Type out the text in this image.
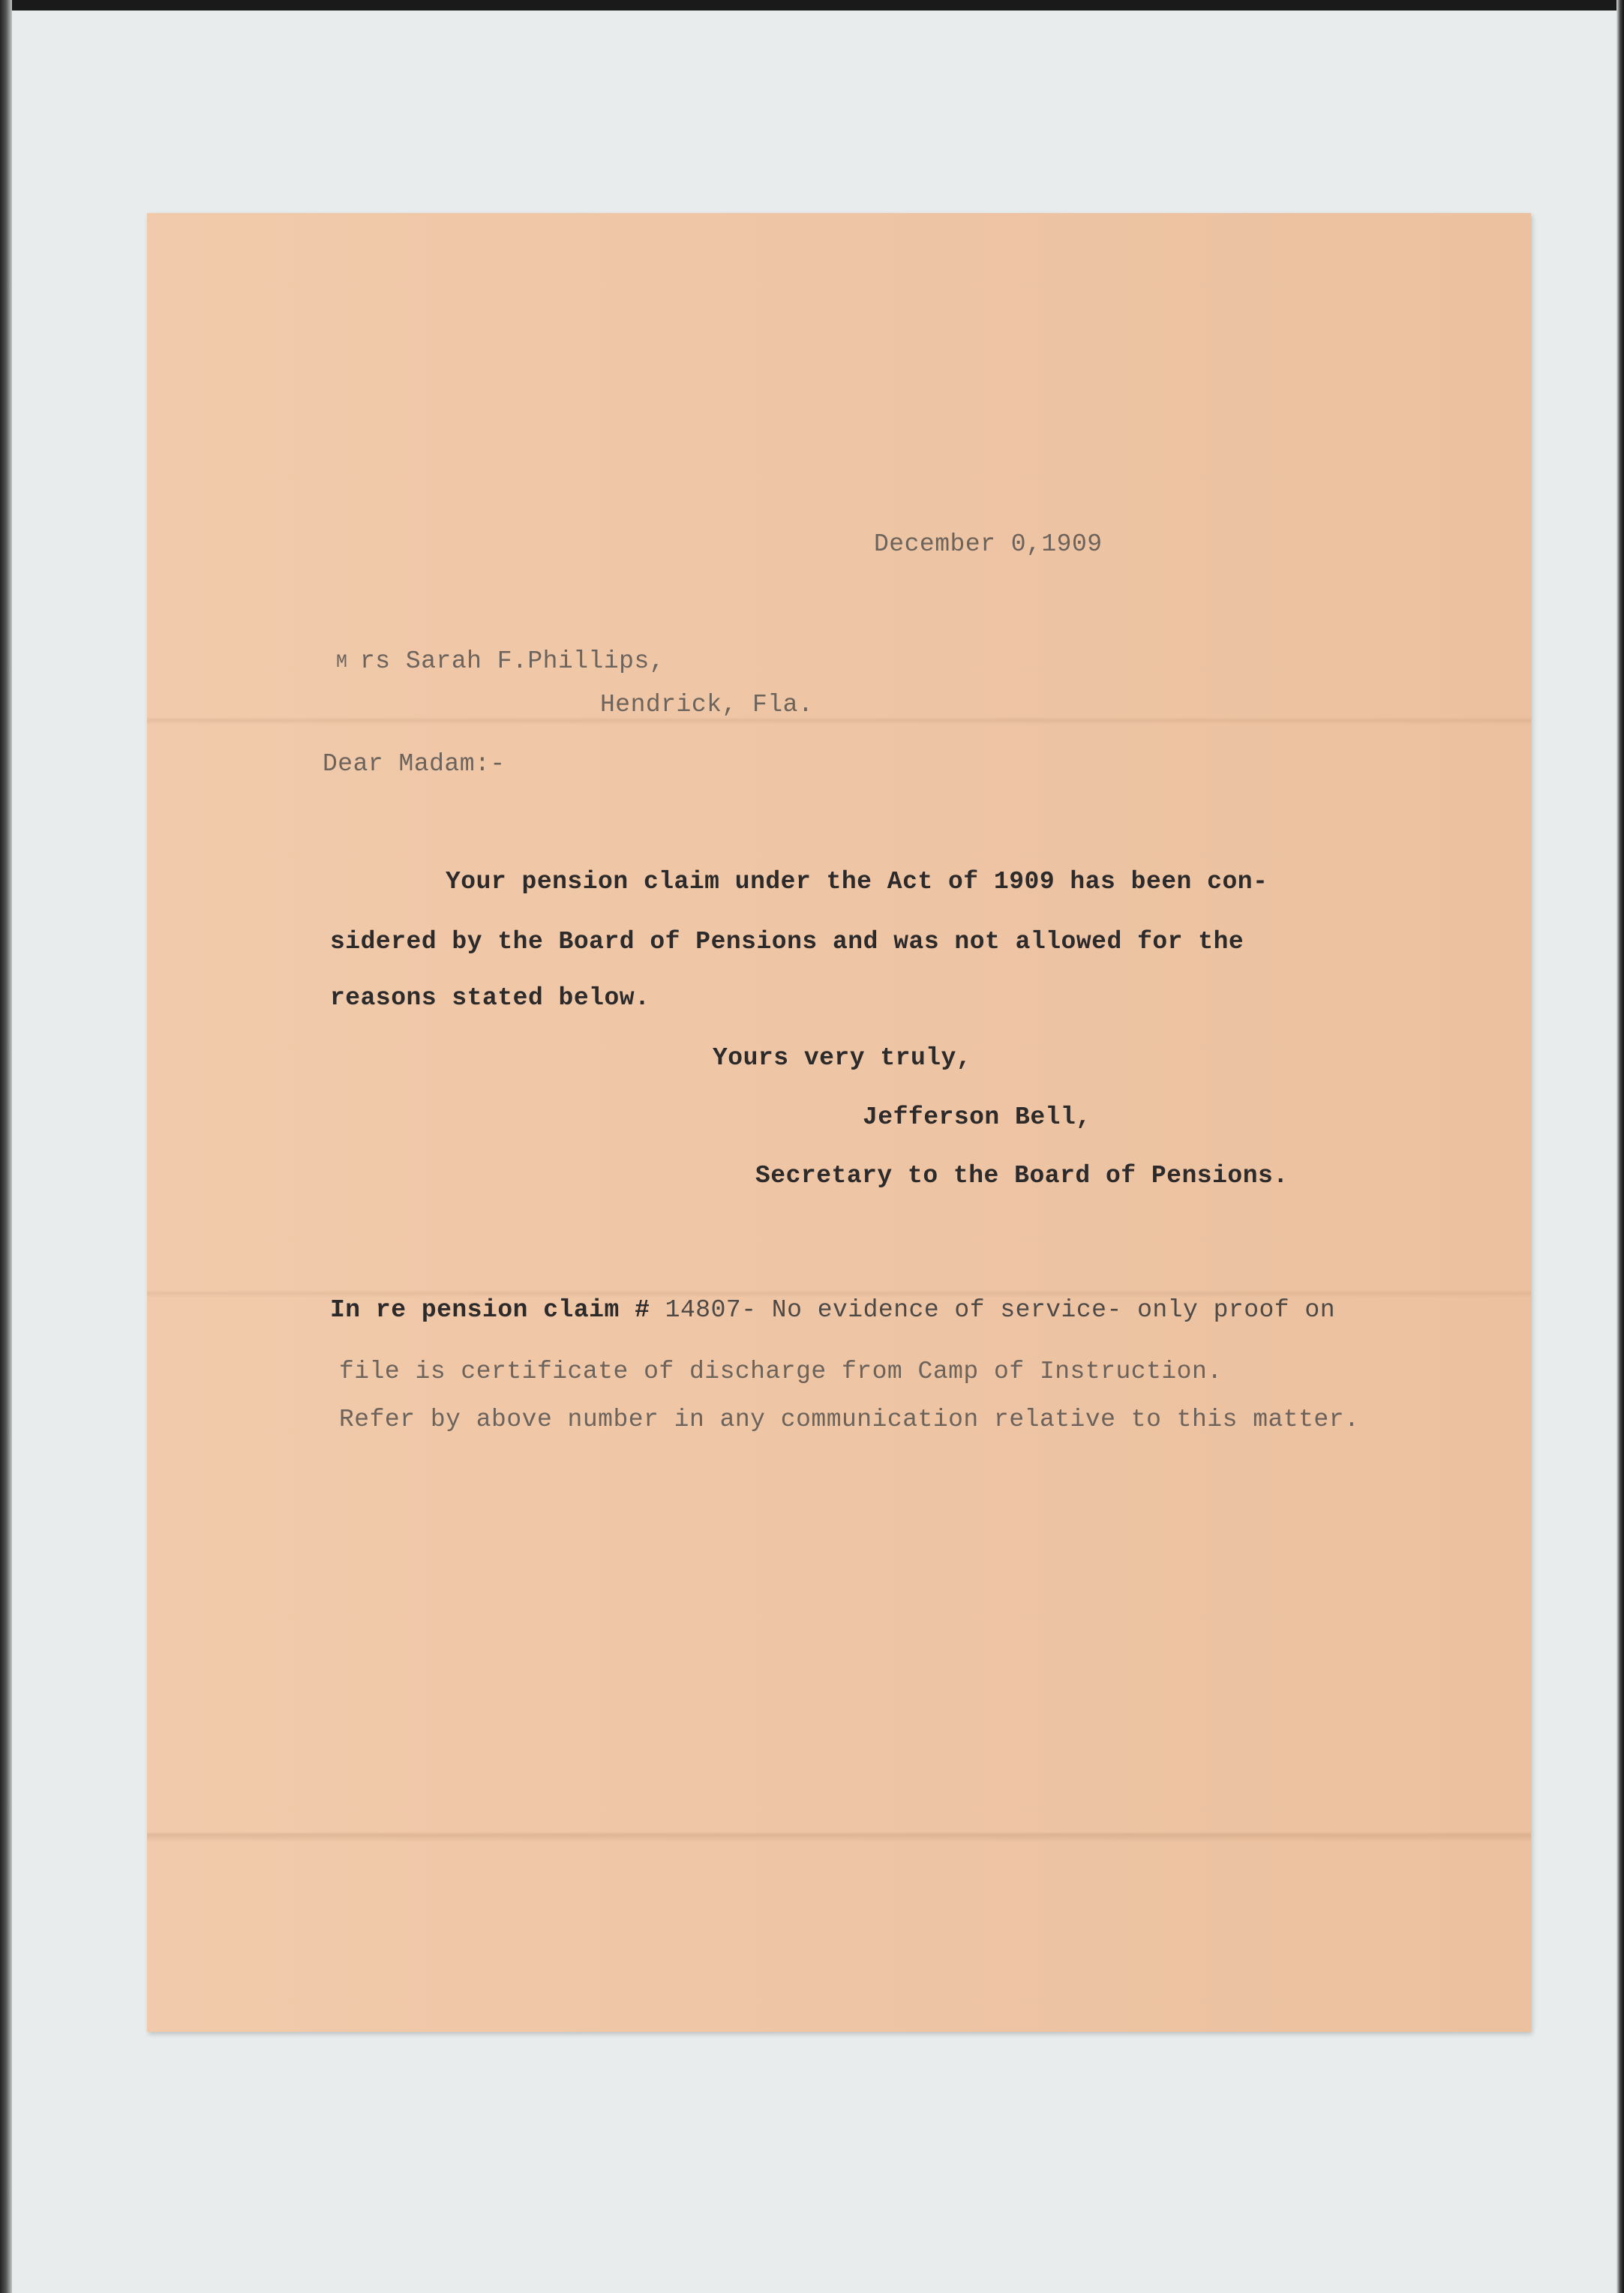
December 0,1909
M rs Sarah F.Phillips,
Hendrick, Fla.
Dear Madam:-
Your pension claim under the Act of 1909 has been con-
sidered by the Board of Pensions and was not allowed for the
reasons stated below.
Yours very truly,
Jefferson Bell,
Secretary to the Board of Pensions.
In re pension claim # 14807- No evidence of service- only proof on
file is certificate of discharge from Camp of Instruction.
Refer by above number in any communication relative to this matter.
